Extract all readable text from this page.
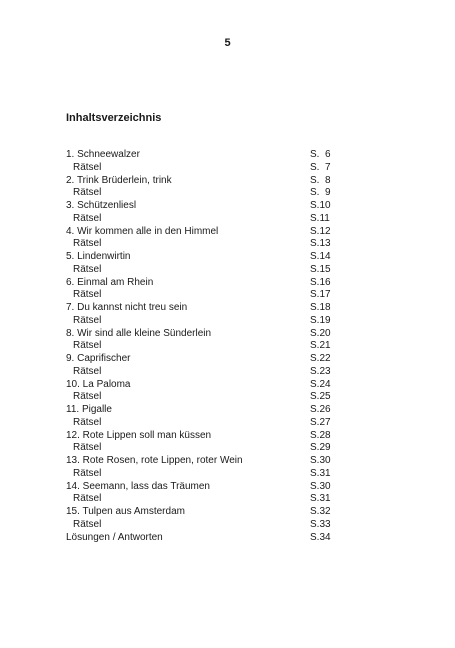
5
Inhaltsverzeichnis
1. Schneewalzer	S.  6
Rätsel	S.  7
2. Trink Brüderlein, trink	S.  8
Rätsel	S.  9
3. Schützenliesl	S.10
Rätsel	S.11
4. Wir kommen alle in den Himmel	S.12
Rätsel	S.13
5. Lindenwirtin	S.14
Rätsel	S.15
6. Einmal am Rhein	S.16
Rätsel	S.17
7. Du kannst nicht treu sein	S.18
Rätsel	S.19
8. Wir sind alle kleine Sünderlein	S.20
Rätsel	S.21
9. Caprifischer	S.22
Rätsel	S.23
10. La Paloma	S.24
Rätsel	S.25
11. Pigalle	S.26
Rätsel	S.27
12. Rote Lippen soll man küssen	S.28
Rätsel	S.29
13. Rote Rosen, rote Lippen, roter Wein	S.30
Rätsel	S.31
14. Seemann, lass das Träumen	S.30
Rätsel	S.31
15. Tulpen aus Amsterdam	S.32
Rätsel	S.33
Lösungen / Antworten	S.34
